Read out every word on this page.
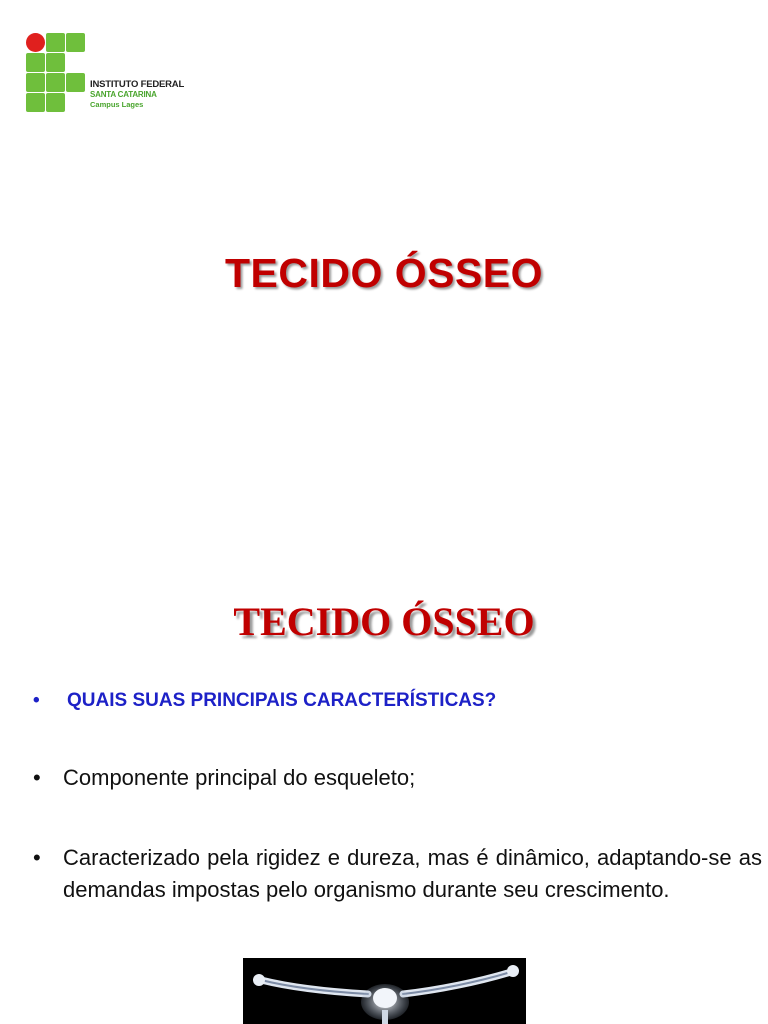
INSTITUTO FEDERAL
SANTA CATARINA
Campus Lages
TECIDO ÓSSEO
TECIDO ÓSSEO
• QUAIS SUAS PRINCIPAIS CARACTERÍSTICAS?
• Componente principal do esqueleto;
• Caracterizado pela rigidez e dureza, mas é dinâmico, adaptando-se as demandas impostas pelo organismo durante seu crescimento.
